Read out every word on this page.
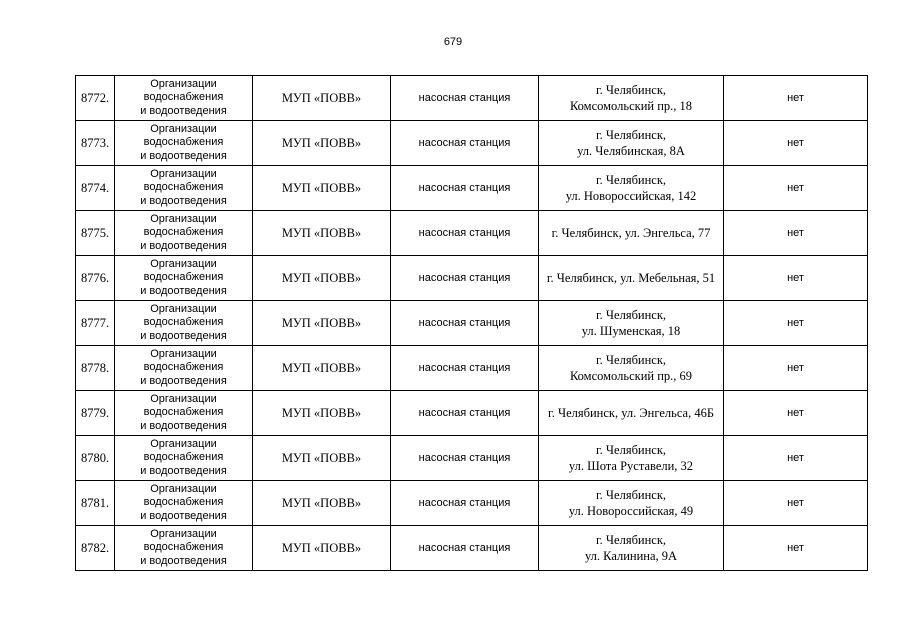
679
8772.	Организации
водоснабжения
и водоотведения	МУП «ПОВВ»	насосная станция	г. Челябинск,
Комсомольский пр., 18	нет
8773.	Организации
водоснабжения
и водоотведения	МУП «ПОВВ»	насосная станция	г. Челябинск,
ул. Челябинская, 8А	нет
8774.	Организации
водоснабжения
и водоотведения	МУП «ПОВВ»	насосная станция	г. Челябинск,
ул. Новороссийская, 142	нет
8775.	Организации
водоснабжения
и водоотведения	МУП «ПОВВ»	насосная станция	г. Челябинск, ул. Энгельса, 77	нет
8776.	Организации
водоснабжения
и водоотведения	МУП «ПОВВ»	насосная станция	г. Челябинск, ул. Мебельная, 51	нет
8777.	Организации
водоснабжения
и водоотведения	МУП «ПОВВ»	насосная станция	г. Челябинск,
ул. Шуменская, 18	нет
8778.	Организации
водоснабжения
и водоотведения	МУП «ПОВВ»	насосная станция	г. Челябинск,
Комсомольский пр., 69	нет
8779.	Организации
водоснабжения
и водоотведения	МУП «ПОВВ»	насосная станция	г. Челябинск, ул. Энгельса, 46Б	нет
8780.	Организации
водоснабжения
и водоотведения	МУП «ПОВВ»	насосная станция	г. Челябинск,
ул. Шота Руставели, 32	нет
8781.	Организации
водоснабжения
и водоотведения	МУП «ПОВВ»	насосная станция	г. Челябинск,
ул. Новороссийская, 49	нет
8782.	Организации
водоснабжения
и водоотведения	МУП «ПОВВ»	насосная станция	г. Челябинск,
ул. Калинина, 9А	нет
